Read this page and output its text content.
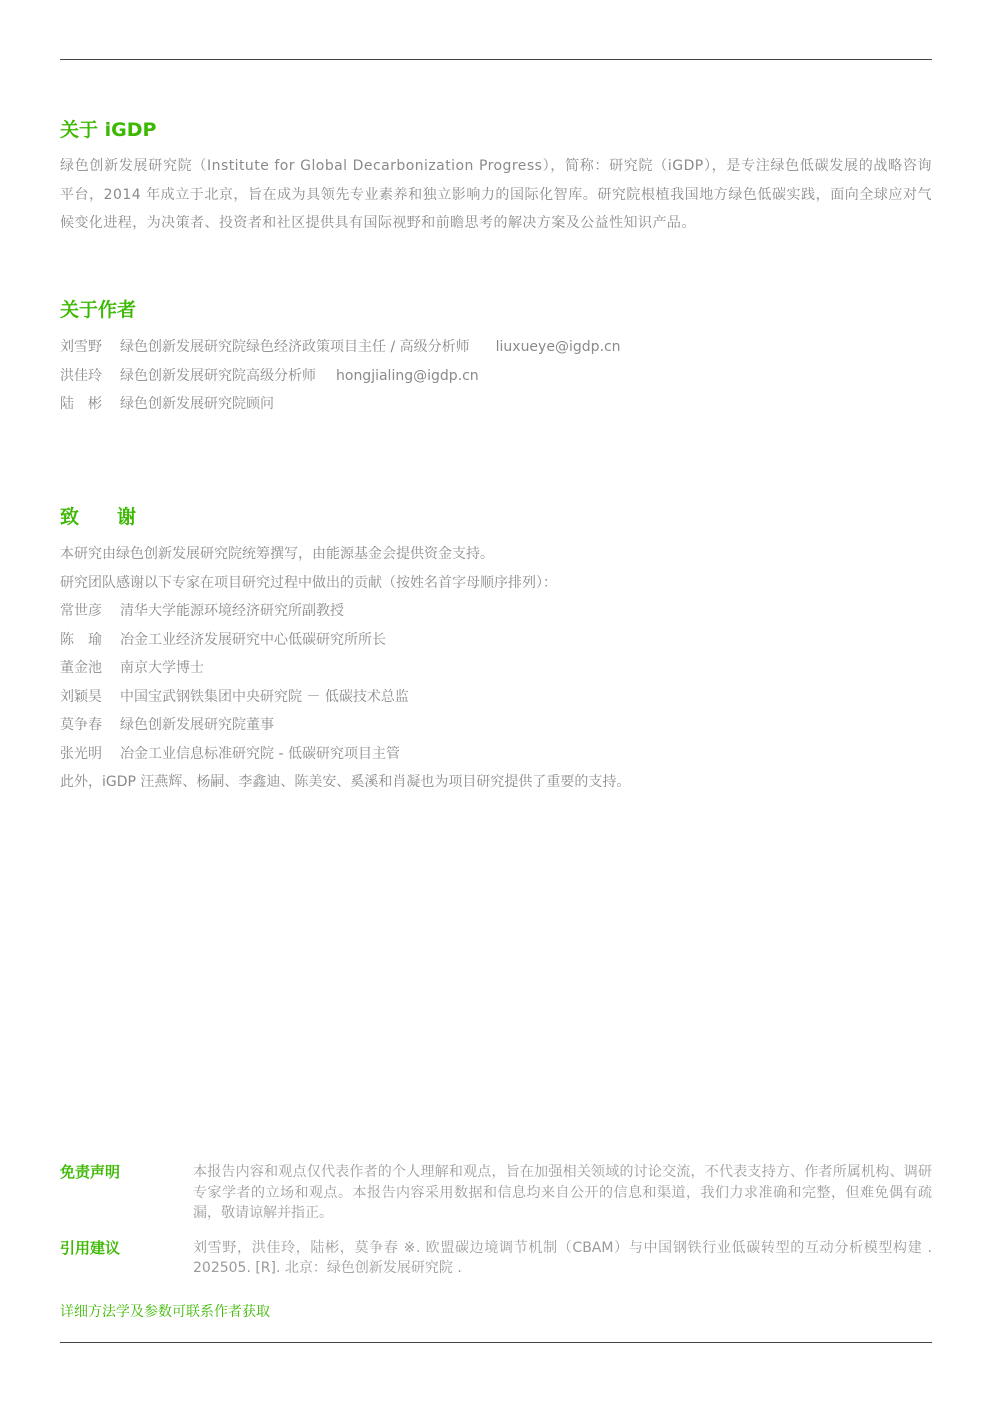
关于 iGDP

绿色创新发展研究院（Institute for Global Decarbonization Progress），简称：研究院（iGDP），是专注绿色低碳发展的战略咨询平台，2014 年成立于北京，旨在成为具领先专业素养和独立影响力的国际化智库。研究院根植我国地方绿色低碳实践，面向全球应对气候变化进程，为决策者、投资者和社区提供具有国际视野和前瞻思考的解决方案及公益性知识产品。

关于作者
刘雪野 绿色创新发展研究院绿色经济政策项目主任 / 高级分析师 liuxueye@igdp.cn
洪佳玲 绿色创新发展研究院高级分析师 hongjialing@igdp.cn
陆　彬 绿色创新发展研究院顾问
致　　谢
本研究由绿色创新发展研究院统筹撰写，由能源基金会提供资金支持。
研究团队感谢以下专家在项目研究过程中做出的贡献（按姓名首字母顺序排列）：
常世彦 清华大学能源环境经济研究所副教授
陈　瑜 冶金工业经济发展研究中心低碳研究所所长
董金池 南京大学博士
刘颖昊 中国宝武钢铁集团中央研究院 － 低碳技术总监
莫争春 绿色创新发展研究院董事
张光明 冶金工业信息标准研究院 - 低碳研究项目主管
此外，iGDP 汪燕辉、杨嗣、李鑫迪、陈美安、奚溪和肖凝也为项目研究提供了重要的支持。
免责声明	本报告内容和观点仅代表作者的个人理解和观点，旨在加强相关领域的讨论交流，不代表支持方、作者所属机构、调研专家学者的立场和观点。本报告内容采用数据和信息均来自公开的信息和渠道，我们力求准确和完整，但难免偶有疏漏，敬请谅解并指正。
引用建议	刘雪野，洪佳玲，陆彬，莫争春 ※. 欧盟碳边境调节机制（CBAM）与中国钢铁行业低碳转型的互动分析模型构建 . 202505. [R]. 北京：绿色创新发展研究院 .
详细方法学及参数可联系作者获取
